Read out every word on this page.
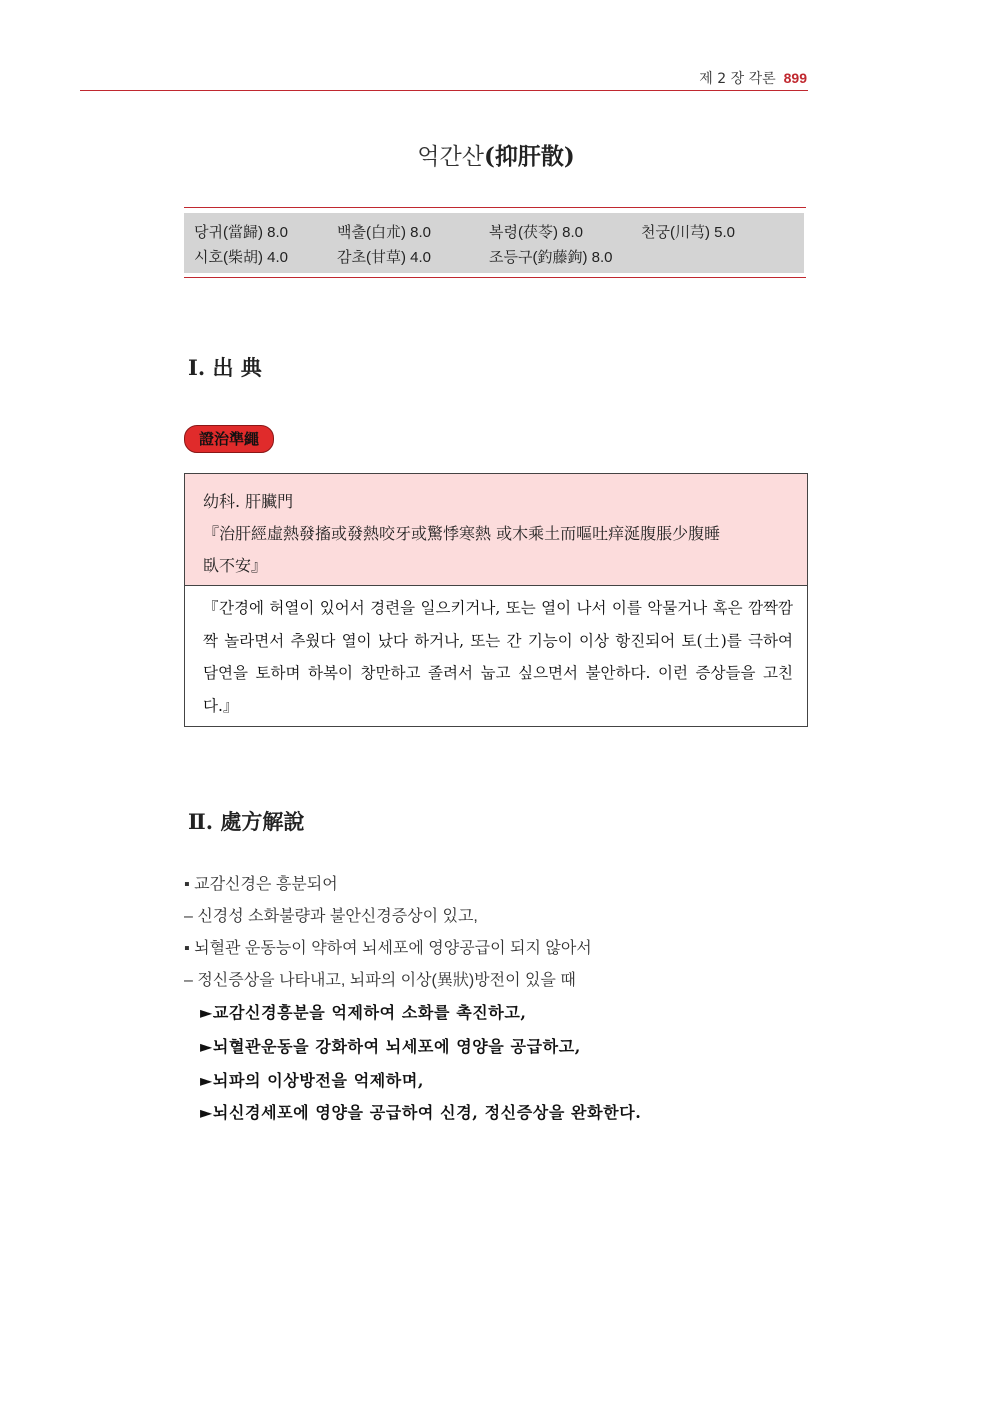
제 2 장 각론 899
억간산(抑肝散)
당귀(當歸) 8.0	백출(白朮) 8.0	복령(茯苓) 8.0	천궁(川芎) 5.0
시호(柴胡) 4.0	감초(甘草) 4.0	조등구(釣藤鉤) 8.0
Ⅰ. 出 典
證治準繩
幼科. 肝臟門
『治肝經虛熱發搐或發熱咬牙或驚悸寒熱 或木乘土而嘔吐痒涎腹脹少腹睡
臥不安』
『간경에 허열이 있어서 경련을 일으키거나, 또는 열이 나서 이를 악물거나 혹은 깜짝깜짝 놀라면서 추웠다 열이 났다 하거나, 또는 간 기능이 이상 항진되어 토(土)를 극하여 담연을 토하며 하복이 창만하고 졸려서 눕고 싶으면서 불안하다. 이런 증상들을 고친다.』
Ⅱ. 處方解說
▪ 교감신경은 흥분되어
– 신경성 소화불량과 불안신경증상이 있고,
▪ 뇌혈관 운동능이 약하여 뇌세포에 영양공급이 되지 않아서
– 정신증상을 나타내고, 뇌파의 이상(異狀)방전이 있을 때
►교감신경흥분을 억제하여 소화를 촉진하고,
►뇌혈관운동을 강화하여 뇌세포에 영양을 공급하고,
►뇌파의 이상방전을 억제하며,
►뇌신경세포에 영양을 공급하여 신경, 정신증상을 완화한다.
